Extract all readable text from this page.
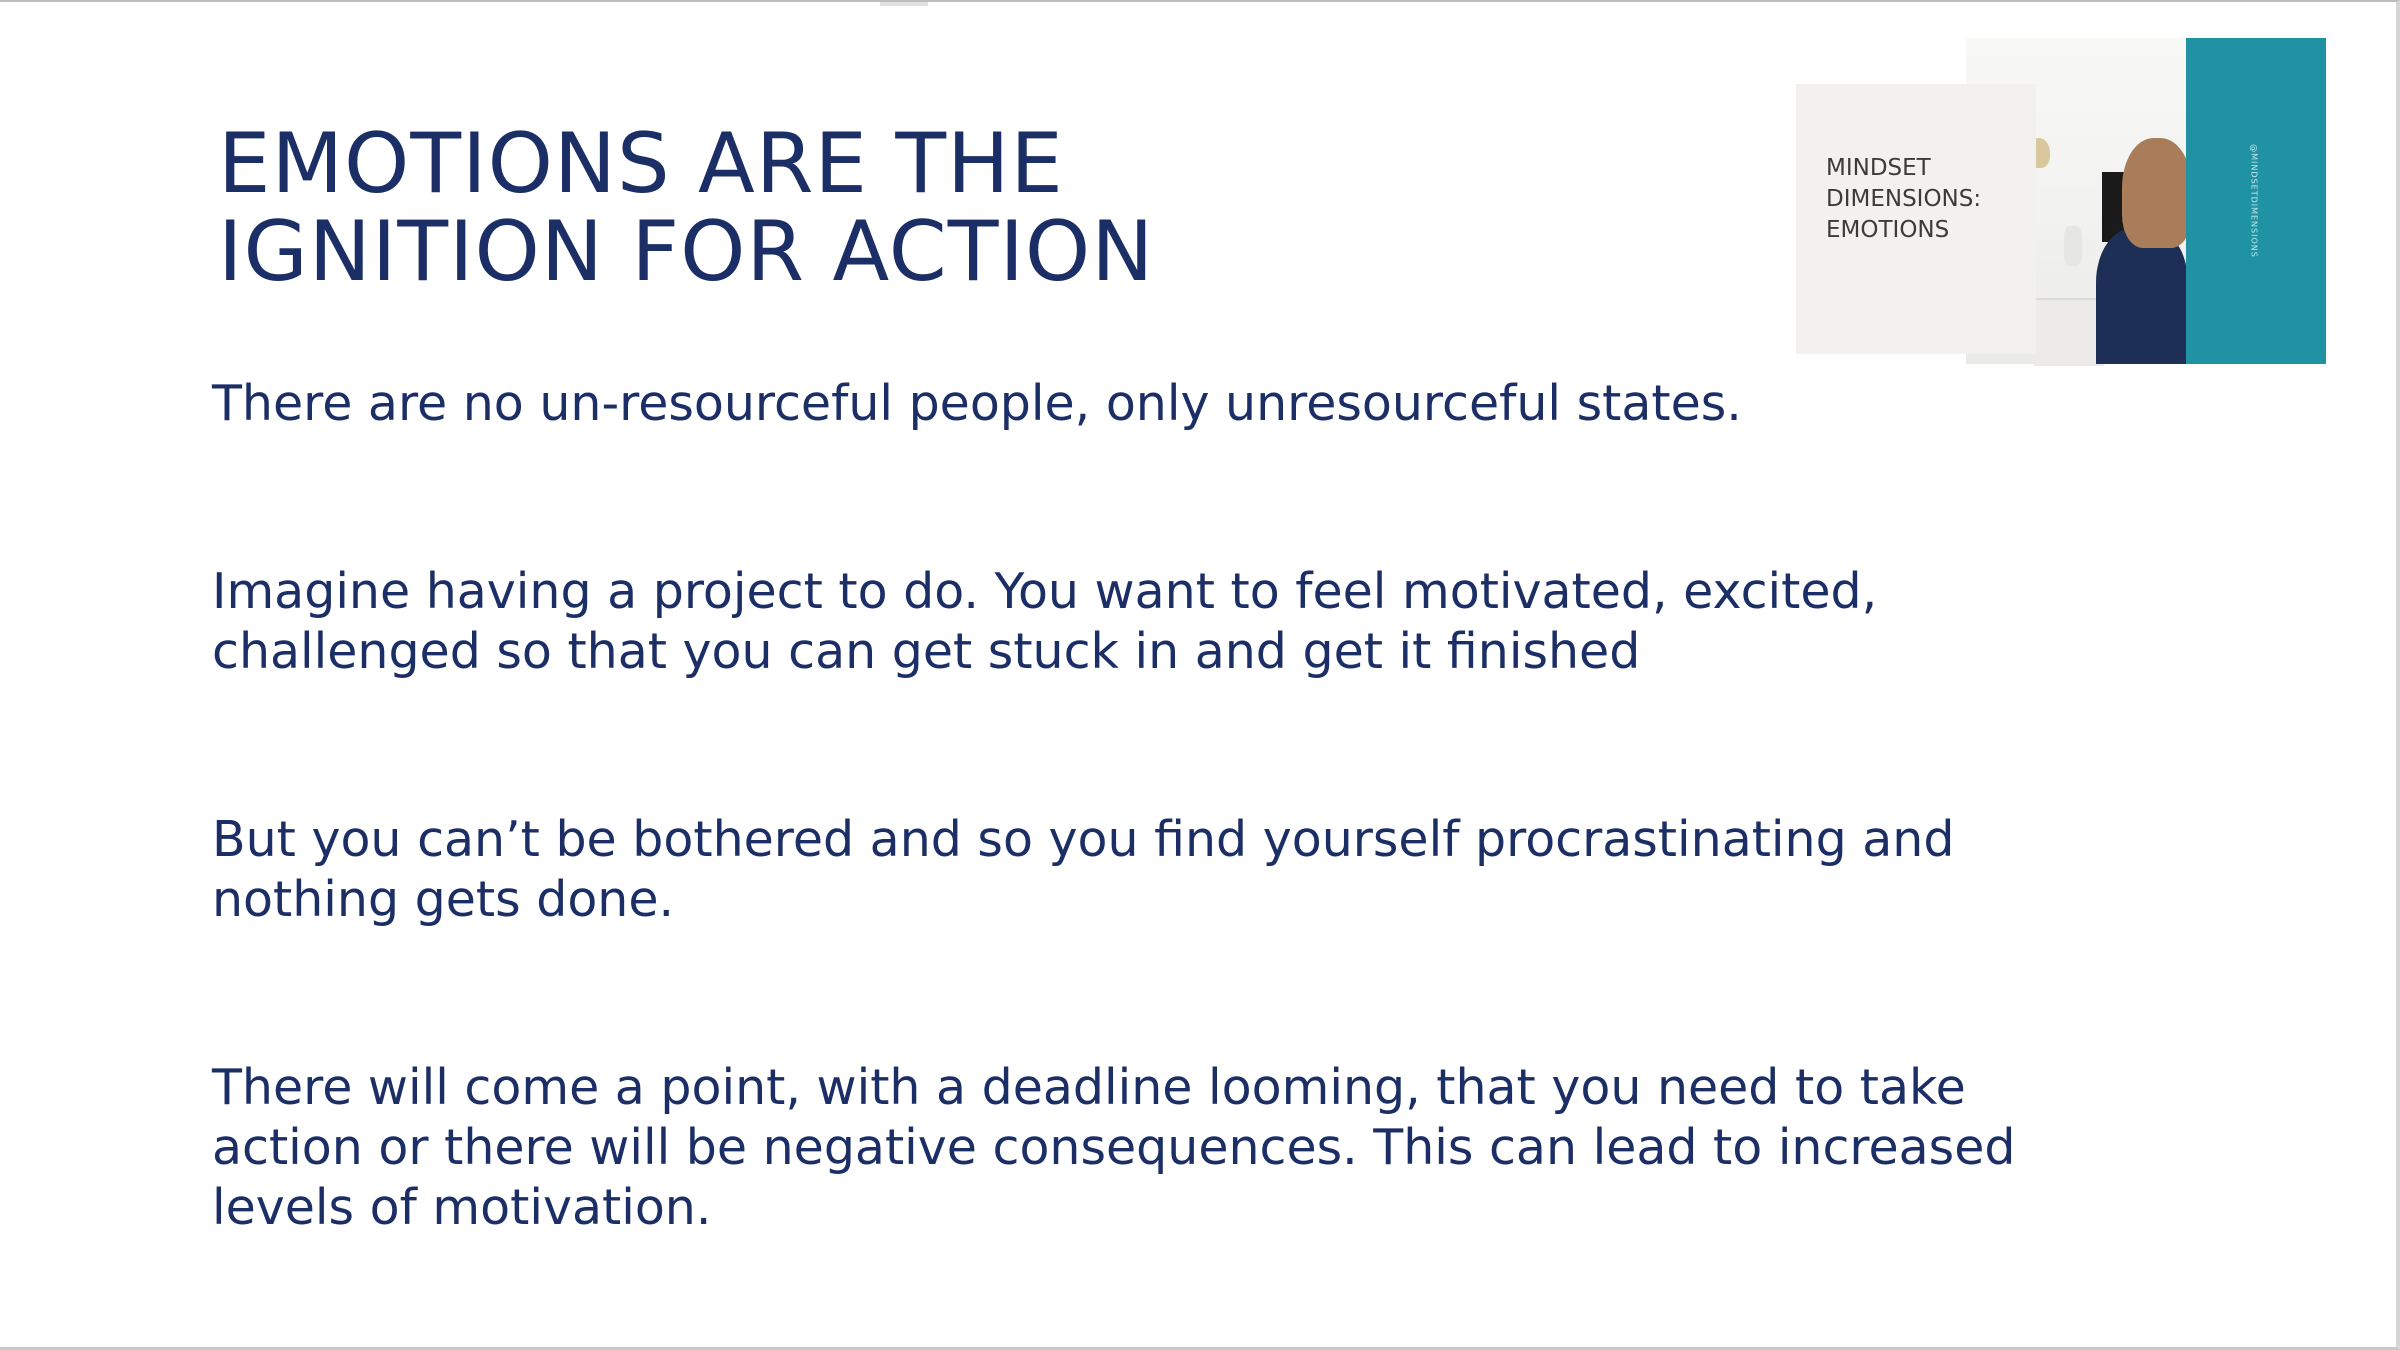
EMOTIONS ARE THE
IGNITION FOR ACTION
There are no un-resourceful people, only unresourceful states.
Imagine having a project to do. You want to feel motivated, excited,
challenged so that you can get stuck in and get it finished
But you can’t be bothered and so you find yourself procrastinating and
nothing gets done.
There will come a point, with a deadline looming, that you need to take
action or there will be negative consequences. This can lead to increased
levels of motivation.

MINDSET
DIMENSIONS:
EMOTIONS	@MINDSETDIMENSIONS
